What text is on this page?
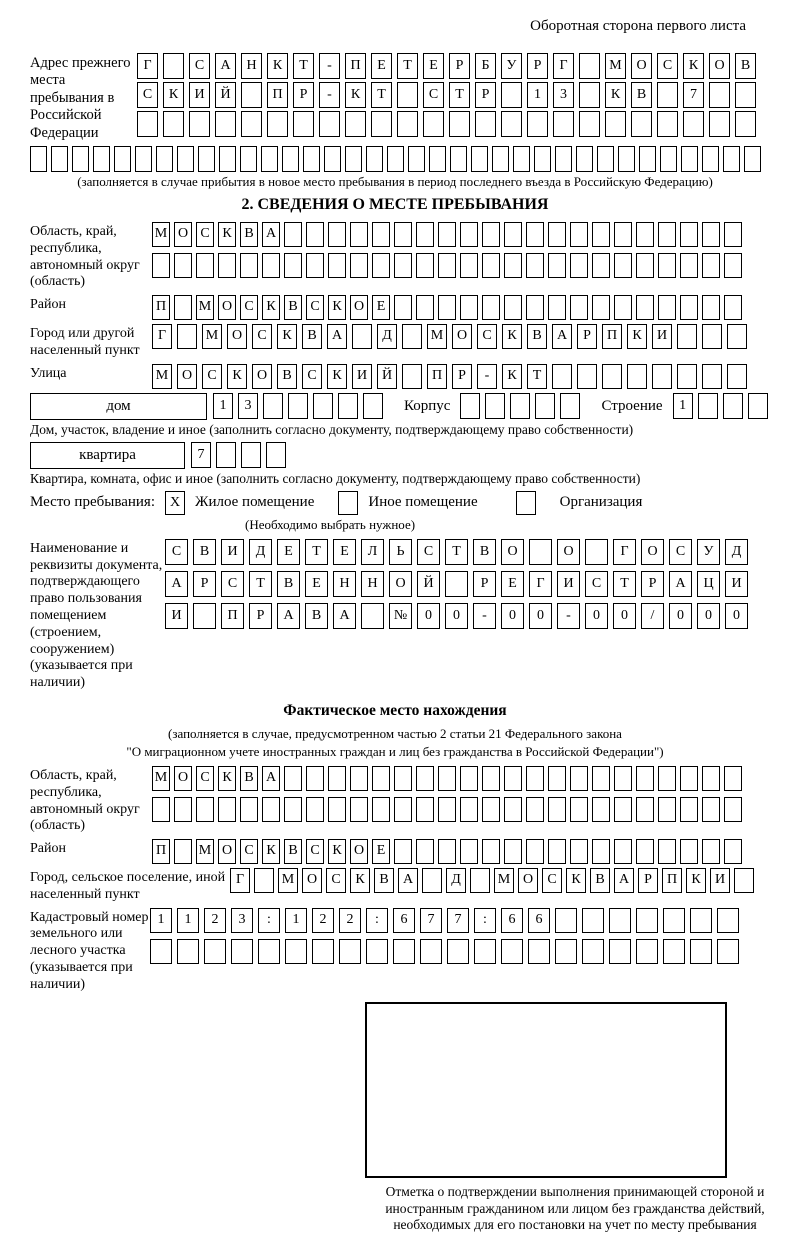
Оборотная сторона первого листа
Адрес прежнего места пребывания в Российской Федерации
Г	С	А	Н	К	Т	-	П	Е	Т	Е	Р	Б	У	Р	Г	М	О	С	К	О	В
С	К	И	Й	П	Р	-	К	Т	С	Т	Р	1	3	К	В	7
(заполняется в случае прибытия в новое место пребывания в период последнего въезда в Российскую Федерацию)
2. СВЕДЕНИЯ О МЕСТЕ ПРЕБЫВАНИЯ
Область, край, республика, автономный округ (область)
М О С К В А
Район	П М О С К В С К О Е
Город или другой населенный пункт
Г	М О	С	К	В	А	Д	М О	С	К	В	А	Р	П	К	И
Улица	М О	С	К	О	В	С	К	И	Й	П	Р	-	К	Т
дом	1	3	Корпус	Строение	1
Дом, участок, владение и иное (заполнить согласно документу, подтверждающему право собственности)
квартира	7
Квартира, комната, офис и иное (заполнить согласно документу, подтверждающему право собственности)
Место пребывания:	X Жилое помещение	Иное помещение	Организация
(Необходимо выбрать нужное)
Наименование и реквизиты документа, подтверждающего право пользования помещением (строением, сооружением) (указывается при наличии)
С	В	И	Д	Е	Т	Е	Л	Ь	С	Т	В	О	О	Г	О	С	У	Д
А	Р	С	Т	В	Е	Н	Н	О	Й	Р	Е	Г	И	С	Т	Р	А	Ц	И
И	П	Р	А	В	А	№	0	0	-	0	0	-	0	0	/	0	0	0
Фактическое место нахождения
(заполняется в случае, предусмотренном частью 2 статьи 21 Федерального закона
"О миграционном учете иностранных граждан и лиц без гражданства в Российской Федерации")
Область, край, республика, автономный округ (область)
М О С К В А
Район	П М О С К В С К О Е
Город, сельское поселение, иной населенный пункт
Г	М О	С	К	В	А	Д	М О	С	К	В	А	Р	П	К	И
Кадастровый номер земельного или лесного участка (указывается при наличии)
1	1	2	3	:	1	2	2	:	6	7	7	:	6	6
Отметка о подтверждении выполнения принимающей стороной и иностранным гражданином или лицом без гражданства действий, необходимых для его постановки на учет по месту пребывания
